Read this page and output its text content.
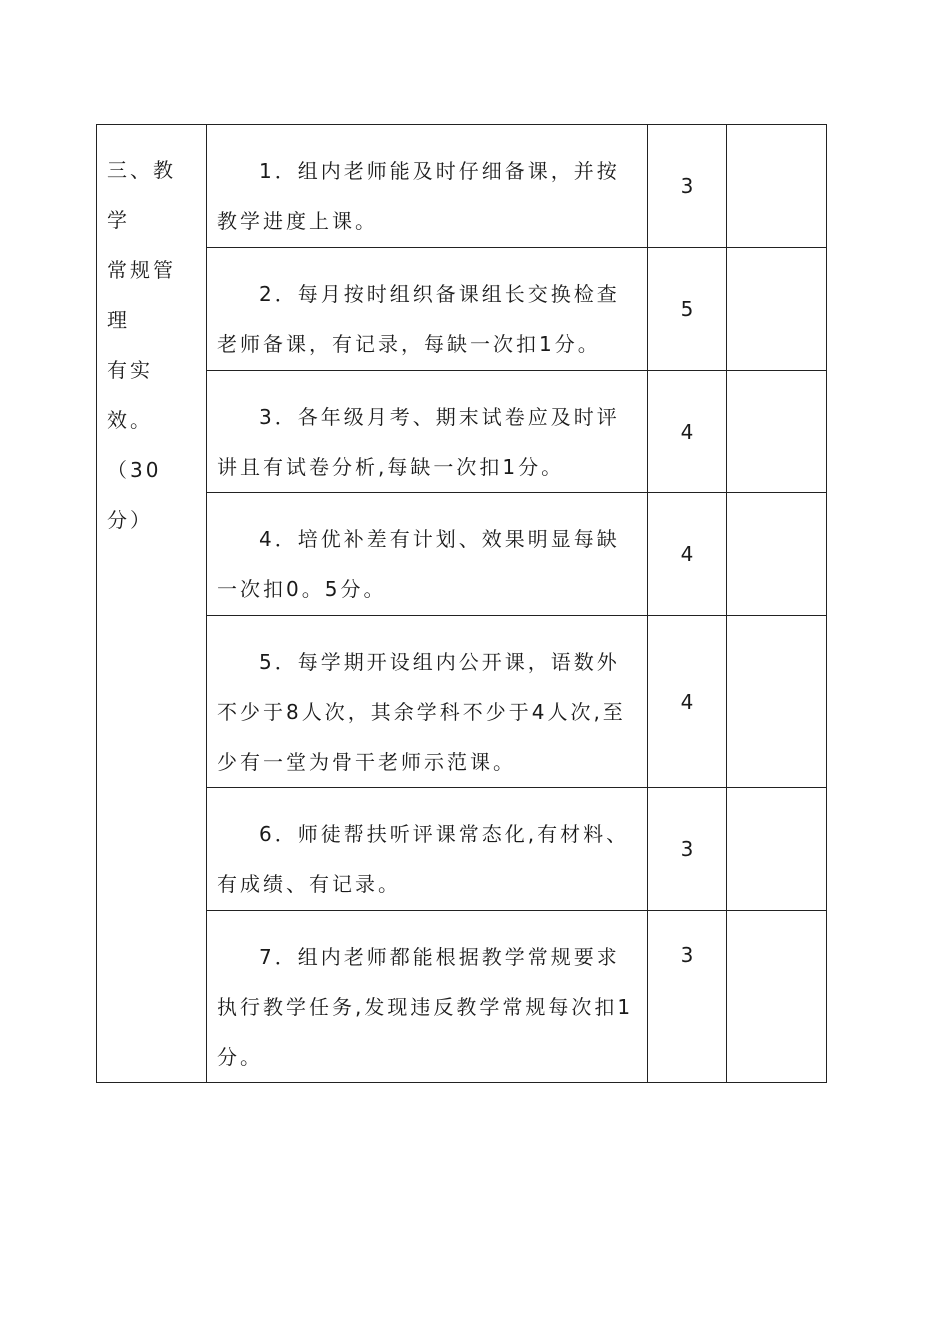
三、教学
常规管理
有实效。
（30分）	1．组内老师能及时仔细备课，并按教学进度上课。	3	

	2．每月按时组织备课组长交换检查老师备课，有记录，每缺一次扣1分。	5	

	3．各年级月考、期末试卷应及时评讲且有试卷分析,每缺一次扣1分。	4	

	4．培优补差有计划、效果明显每缺一次扣0。5分。	4	

	5．每学期开设组内公开课，语数外不少于8人次，其余学科不少于4人次,至少有一堂为骨干老师示范课。	4	

	6．师徒帮扶听评课常态化,有材料、有成绩、有记录。	3	

	7．组内老师都能根据教学常规要求执行教学任务,发现违反教学常规每次扣1分。	3	
